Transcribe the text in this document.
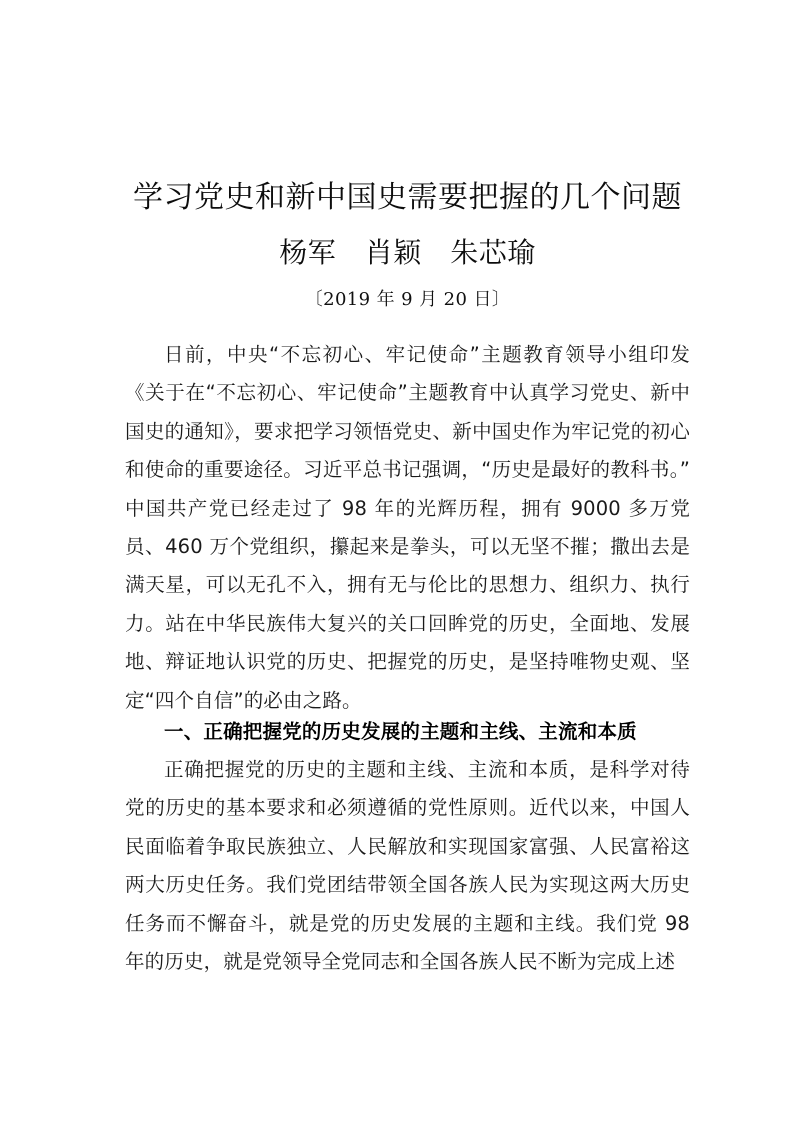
学习党史和新中国史需要把握的几个问题
杨军　肖颖　朱芯瑜
〔2019 年 9 月 20 日〕

日前，中央“不忘初心、牢记使命”主题教育领导小组印发《关于在“不忘初心、牢记使命”主题教育中认真学习党史、新中国史的通知》，要求把学习领悟党史、新中国史作为牢记党的初心和使命的重要途径。习近平总书记强调，“历史是最好的教科书。”中国共产党已经走过了 98 年的光辉历程，拥有 9000 多万党员、460 万个党组织，攥起来是拳头，可以无坚不摧；撒出去是满天星，可以无孔不入，拥有无与伦比的思想力、组织力、执行力。站在中华民族伟大复兴的关口回眸党的历史，全面地、发展地、辩证地认识党的历史、把握党的历史，是坚持唯物史观、坚定“四个自信”的必由之路。

一、正确把握党的历史发展的主题和主线、主流和本质

正确把握党的历史的主题和主线、主流和本质，是科学对待党的历史的基本要求和必须遵循的党性原则。近代以来，中国人民面临着争取民族独立、人民解放和实现国家富强、人民富裕这两大历史任务。我们党团结带领全国各族人民为实现这两大历史任务而不懈奋斗，就是党的历史发展的主题和主线。我们党 98 年的历史，就是党领导全党同志和全国各族人民不断为完成上述
